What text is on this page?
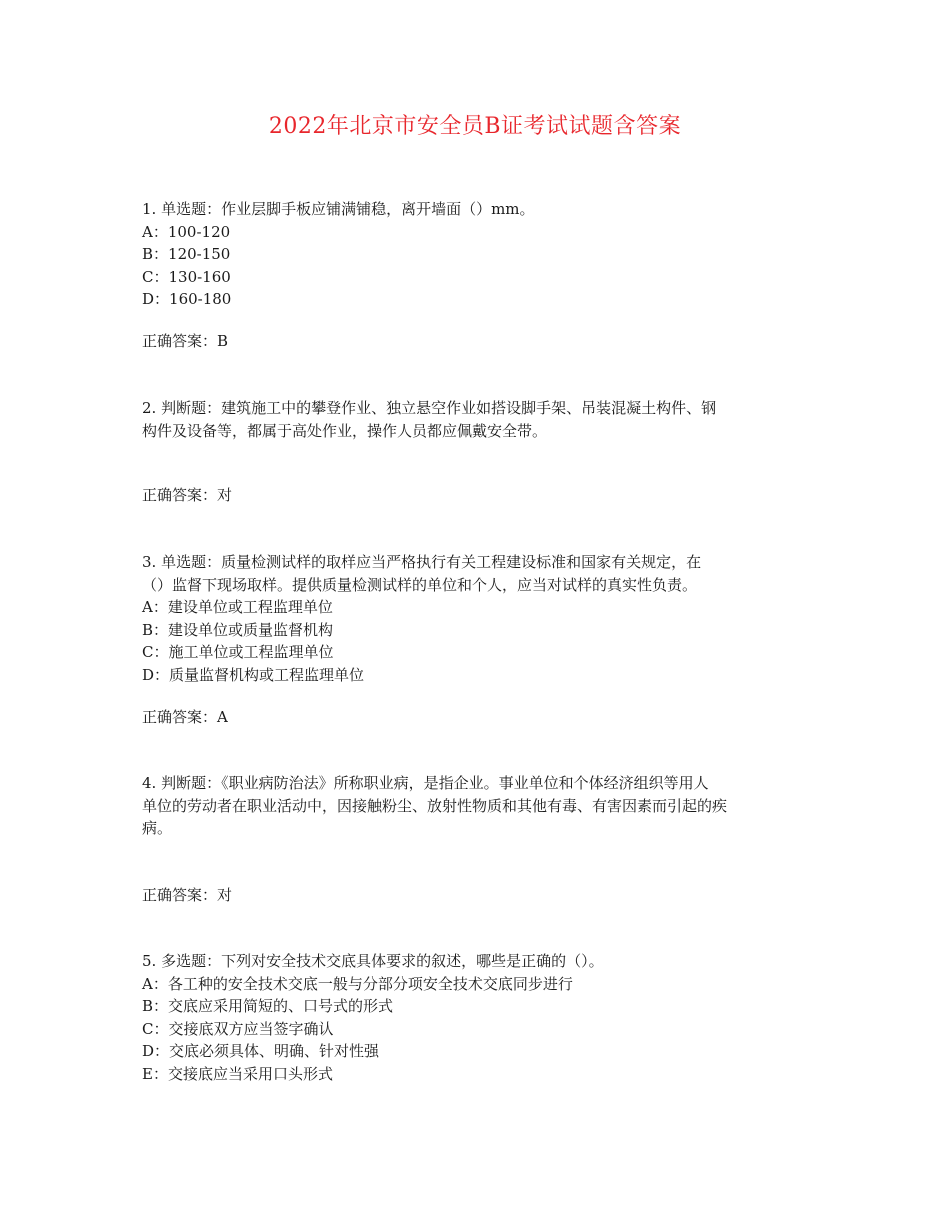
2022年北京市安全员B证考试试题含答案

1. 单选题：作业层脚手板应铺满铺稳，离开墙面（）mm。

A：100-120

B：120-150

C：130-160

D：160-180

正确答案：B

2. 判断题：建筑施工中的攀登作业、独立悬空作业如搭设脚手架、吊装混凝土构件、钢

构件及设备等，都属于高处作业，操作人员都应佩戴安全带。

正确答案：对

3. 单选题：质量检测试样的取样应当严格执行有关工程建设标准和国家有关规定，在

（）监督下现场取样。提供质量检测试样的单位和个人，应当对试样的真实性负责。

A：建设单位或工程监理单位

B：建设单位或质量监督机构

C：施工单位或工程监理单位

D：质量监督机构或工程监理单位

正确答案：A

4. 判断题：《职业病防治法》所称职业病，是指企业。事业单位和个体经济组织等用人

单位的劳动者在职业活动中，因接触粉尘、放射性物质和其他有毒、有害因素而引起的疾

病。

正确答案：对

5. 多选题：下列对安全技术交底具体要求的叙述，哪些是正确的（）。

A：各工种的安全技术交底一般与分部分项安全技术交底同步进行

B：交底应采用简短的、口号式的形式

C：交接底双方应当签字确认

D：交底必须具体、明确、针对性强

E：交接底应当采用口头形式
